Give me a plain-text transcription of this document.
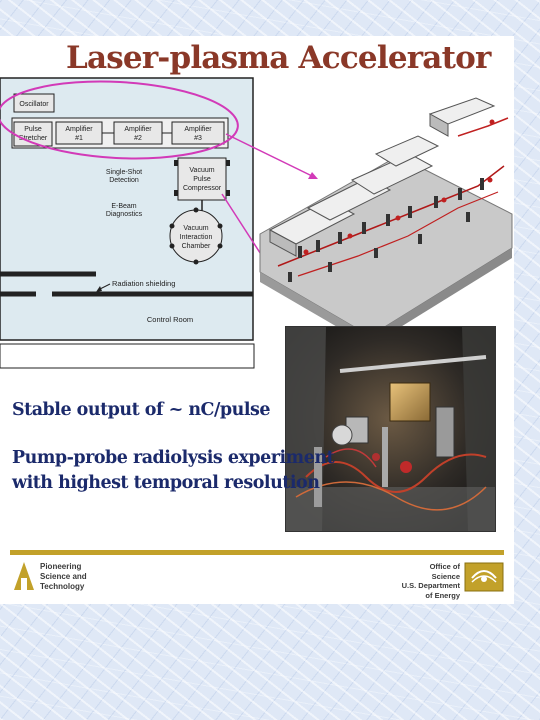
Oscillator
Pulse
Stretcher
Amplifier
#1
Amplifier
#2
Amplifier
#3
Single-Shot
Detection
E-Beam
Diagnostics
Vacuum
Pulse
Compressor
Vacuum
Interaction
Chamber
Radiation shielding
Control Room
Laser-plasma Accelerator
Stable output of ~ nC/pulse
Pump-probe radiolysis experiment
with highest temporal resolution
Pioneering
Science and
Technology
Office of Science
U.S. Department
of Energy
